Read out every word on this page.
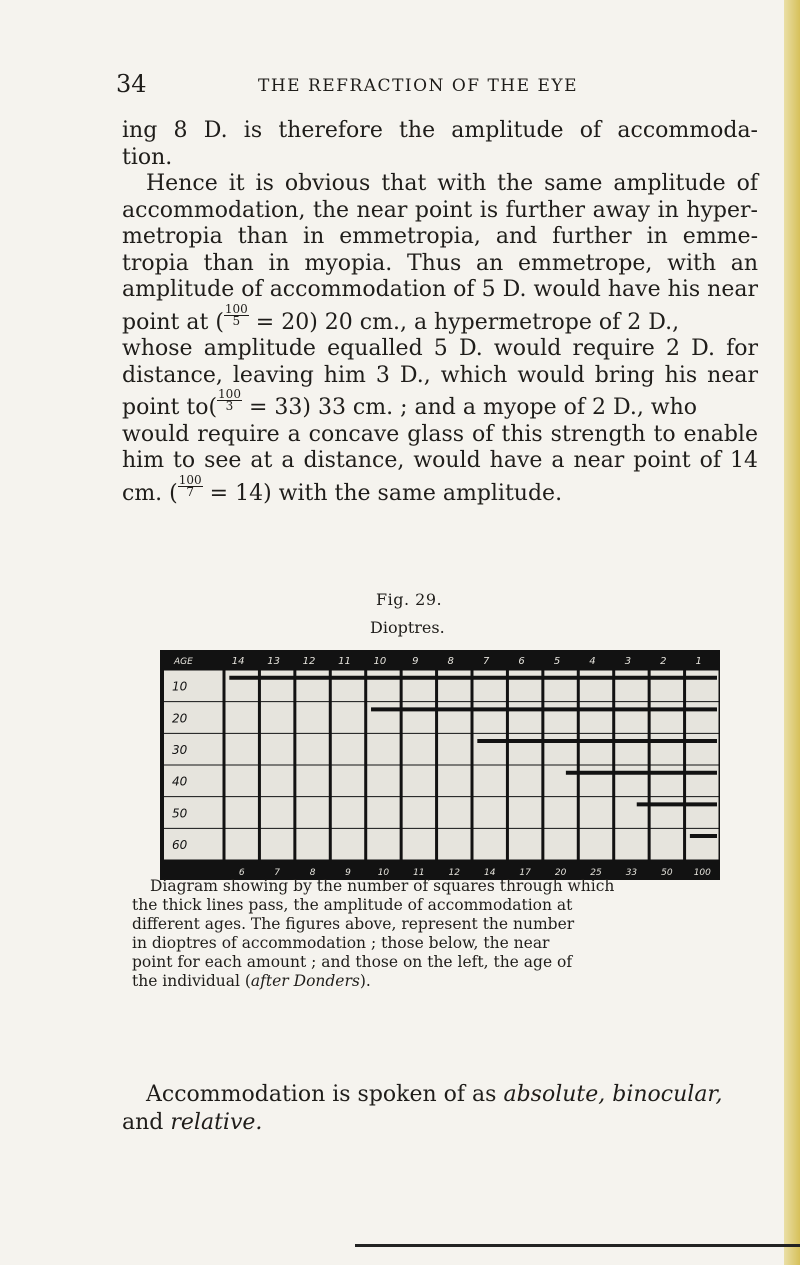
34	THE REFRACTION OF THE EYE
ing 8 D. is therefore the amplitude of accommoda-
tion.
Hence it is obvious that with the same amplitude of
accommodation, the near point is further away in hyper-
metropia than in emmetropia, and further in emme-
tropia than in myopia. Thus an emmetrope, with an
amplitude of accommodation of 5 D. would have his near
point at ( $\frac{100}{5} = 20$) 20 cm., a hypermetrope of 2 D.,
whose amplitude equalled 5 D. would require 2 D. for
distance, leaving him 3 D., which would bring his near
point $to( \frac{100}{3} = 33)$ 33 cm. ; and a myope of 2 D., who
would require a concave glass of this strength to enable
him to see at a distance, would have a near point of 14
cm. ( $\frac{100}{7} = 14$) with the same amplitude.
Fig. 29.
Dioptres.
AGE	14 13 12 11 10	9	8	7	6	5	4	3	2	1
6	7	8	9	10	11	12	14	17	20	25	33	50 100
10
20
30
40
50
60
Diagram showing by the number of squares through which
the thick lines pass, the amplitude of accommodation at
different ages. The figures above, represent the number
in dioptres of accommodation ; those below, the near
point for each amount ; and those on the left, the age of
the individual (after Donders).
Accommodation is spoken of as absolute, binocular,
and relative.
